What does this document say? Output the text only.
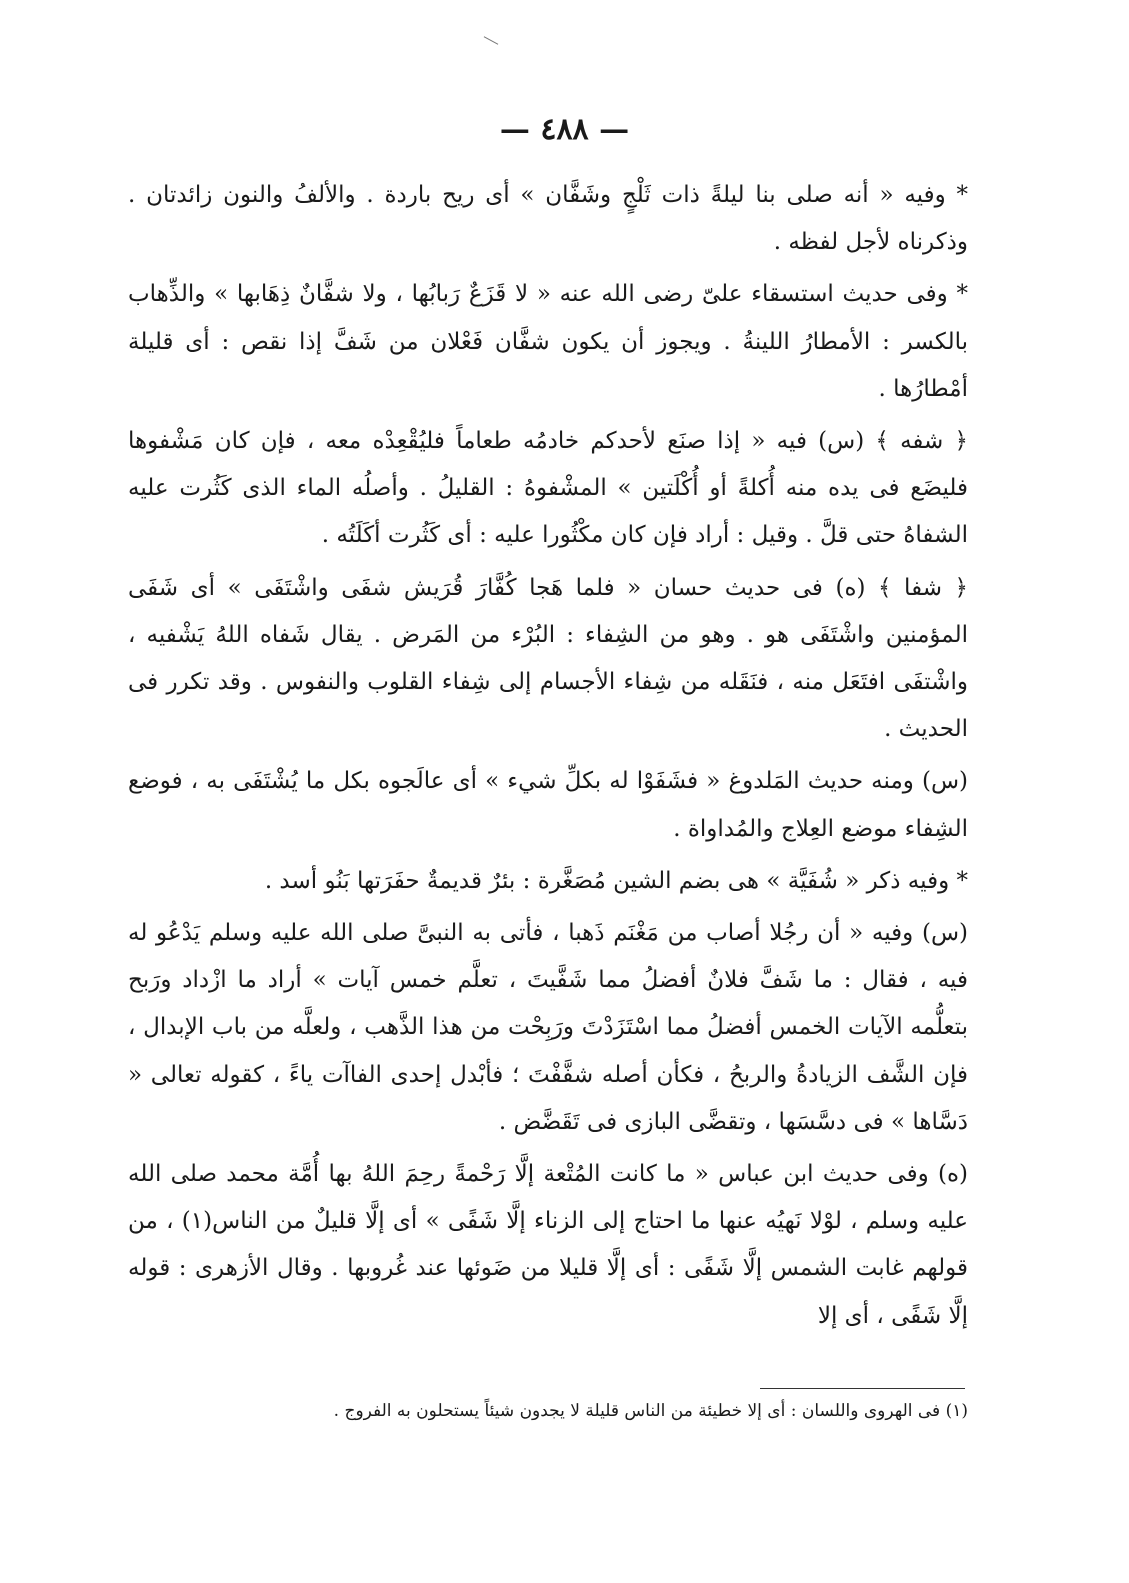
— ٤٨٨ —

* وفيه « أنه صلى بنا ليلةً ذات ثَلْجٍ وشَفَّان » أى ريح باردة . والألفُ والنون زائدتان . وذكرناه لأجل لفظه .

* وفى حديث استسقاء علىّ رضى الله عنه « لا قَزَعٌ رَبابُها ، ولا شفَّانٌ ذِهَابها » والذِّهاب بالكسر : الأمطارُ اللينةُ . ويجوز أن يكون شفَّان فَعْلان من شَفَّ إذا نقص : أى قليلة أمْطارُها .

﴿ شفه ﴾ (س) فيه « إذا صنَع لأحدكم خادمُه طعاماً فليُقْعِدْه معه ، فإن كان مَشْفوها فليضَع فى يده منه أُكلةً أو أُكْلَتين » المشْفوهُ : القليلُ . وأصلُه الماء الذى كَثُرت عليه الشفاهُ حتى قلَّ . وقيل : أراد فإن كان مكْثُورا عليه : أى كَثُرت أكَلَتُه .

﴿ شفا ﴾ (ه) فى حديث حسان « فلما هَجا كُفَّارَ قُرَيش شفَى واشْتَفَى » أى شَفَى المؤمنين واشْتَفَى هو . وهو من الشِفاء : البُرْء من المَرض . يقال شَفاه اللهُ يَشْفيه ، واشْتفَى افتَعَل منه ، فنَقَله من شِفاء الأجسام إلى شِفاء القلوب والنفوس . وقد تكرر فى الحديث .

(س) ومنه حديث المَلدوغ « فشَفَوْا له بكلِّ شيء » أى عالَجوه بكل ما يُشْتَفَى به ، فوضع الشِفاء موضع العِلاج والمُداواة .

* وفيه ذكر « شُفَيَّة » هى بضم الشين مُصَغَّرة : بئرٌ قديمةٌ حفَرَتها بَنُو أسد .

(س) وفيه « أن رجُلا أصاب من مَغْنَم ذَهبا ، فأتى به النبىَّ صلى الله عليه وسلم يَدْعُو له فيه ، فقال : ما شَفَّ فلانٌ أفضلُ مما شَفَّيتَ ، تعلَّم خمس آيات » أراد ما ازْداد ورَبح بتعلُّمه الآيات الخمس أفضلُ مما اسْتَزَدْتَ ورَبِحْت من هذا الذَّهب ، ولعلَّه من باب الإبدال ، فإن الشَّف الزيادةُ والربحُ ، فكأن أصله شفَّفْتَ ؛ فأبْدل إحدى الفاآت ياءً ، كقوله تعالى « دَسَّاها » فى دسَّسَها ، وتقضَّى البازى فى تَقَضَّض .

(ه) وفى حديث ابن عباس « ما كانت المُتْعة إلَّا رَحْمةً رحِمَ اللهُ بها أُمَّة محمد صلى الله عليه وسلم ، لوْلا نَهيُه عنها ما احتاج إلى الزناء إلَّا شَفًى » أى إلَّا قليلٌ من الناس(١) ، من قولهم غابت الشمس إلَّا شَفًى : أى إلَّا قليلا من ضَوئها عند غُروبها . وقال الأزهرى : قوله إلَّا شَفًى ، أى إلا

(١) فى الهروى واللسان : أى إلا خطيئة من الناس قليلة لا يجدون شيئاً يستحلون به الفروج .
